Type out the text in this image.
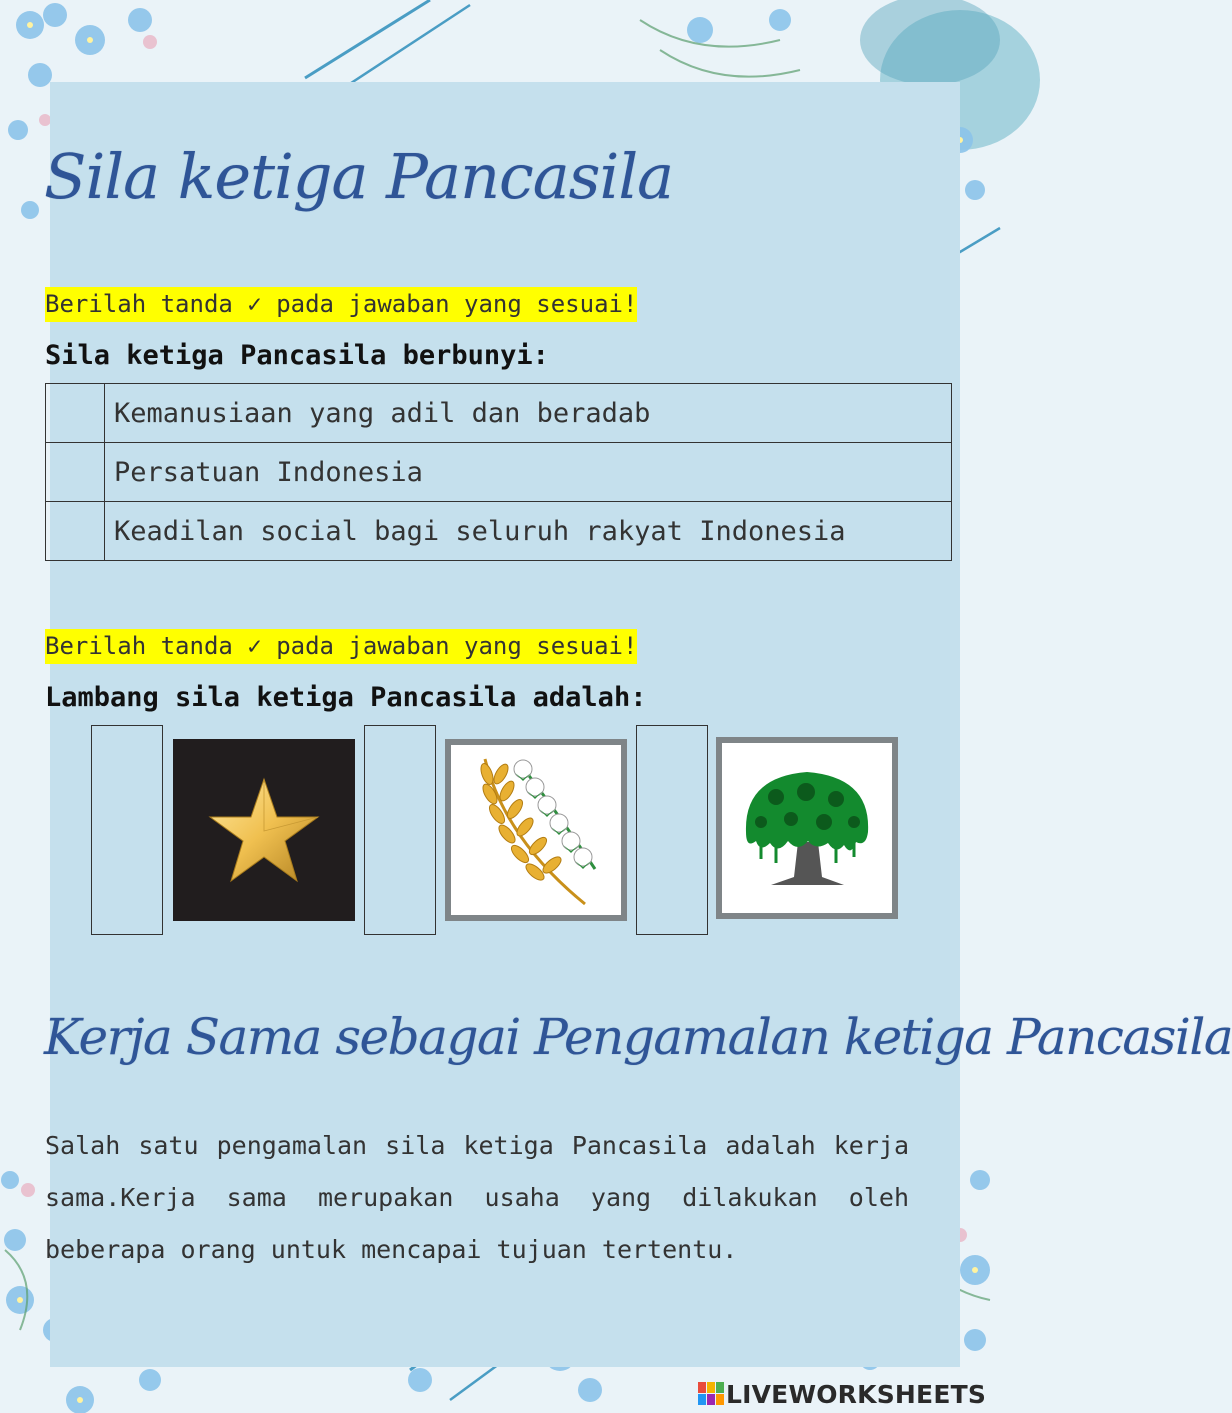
Sila ketiga Pancasila
Berilah tanda ✓ pada jawaban yang sesuai!
Sila ketiga Pancasila berbunyi:
	Kemanusiaan yang adil dan beradab
	Persatuan Indonesia
	Keadilan social bagi seluruh rakyat Indonesia
Berilah tanda ✓ pada jawaban yang sesuai!
Lambang sila ketiga Pancasila adalah:
Kerja Sama sebagai Pengamalan ketiga Pancasila

Salah satu pengamalan sila ketiga Pancasila adalah kerja sama.Kerja sama merupakan usaha yang dilakukan oleh beberapa orang untuk mencapai tujuan tertentu.

LIVEWORKSHEETS
